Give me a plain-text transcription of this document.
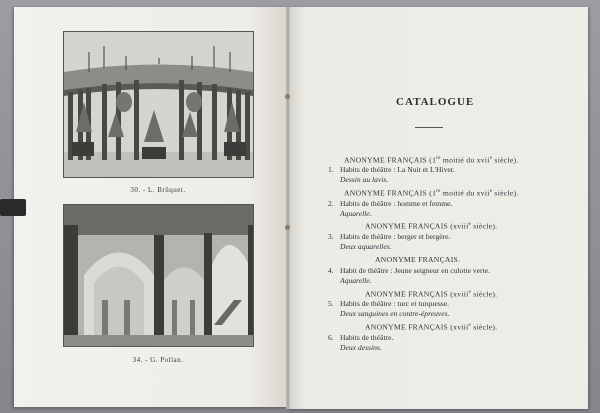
30. - L. Brûquet.
34. - G. Pollan.
CATALOGUE
ANONYME FRANÇAIS (1re moitié du xvii$^e$ siècle).
1. Habits de théâtre : La Nuit et L'Hiver.
Dessin au lavis.
ANONYME FRANÇAIS (1re moitié du xvii$^e$ siècle).
2. Habits de théâtre : homme et femme.
Aquarelle.
ANONYME FRANÇAIS (xviii$^e$ siècle).
3. Habits de théâtre : berger et bergère.
Deux aquarelles.
ANONYME FRANÇAIS.
4. Habit de théâtre : Jeune seigneur en culotte verte.
Aquarelle.
ANONYME FRANÇAIS (xviii$^e$ siècle).
5. Habits de théâtre : turc et turquesse.
Deux sanguines en contre-épreuves.
ANONYME FRANÇAIS (xviii$^e$ siècle).
6. Habits de théâtre.
Deux dessins.
